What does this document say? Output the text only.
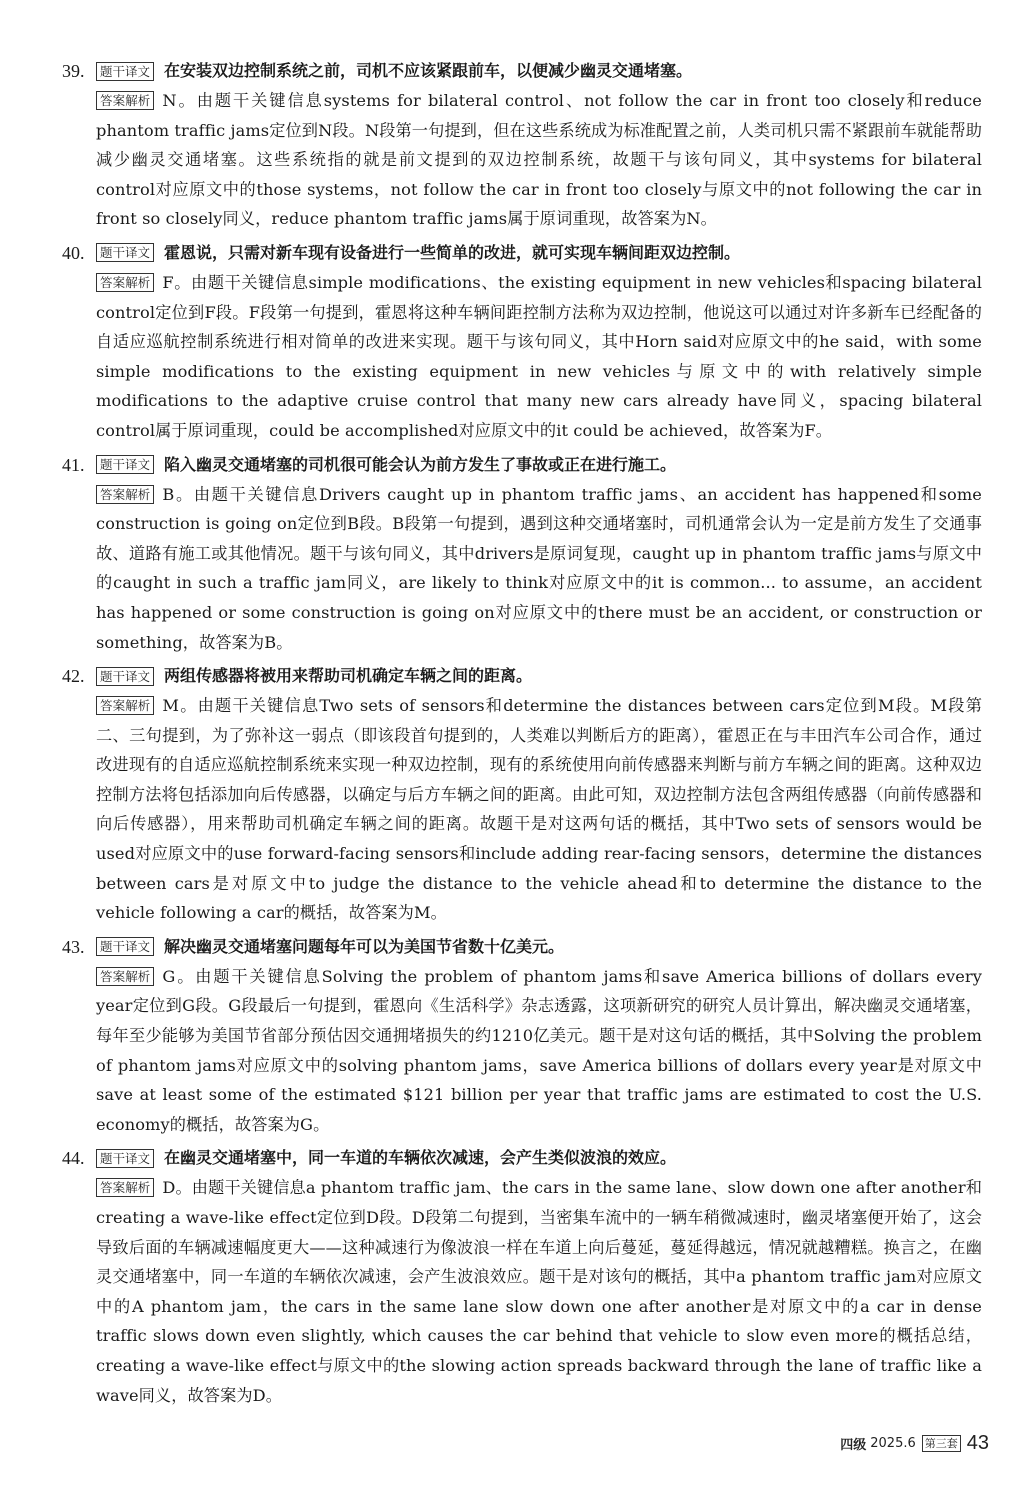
39.	题干译文 在安装双边控制系统之前，司机不应该紧跟前车，以便减少幽灵交通堵塞。
答案解析 N。由题干关键信息systems for bilateral control、not follow the car in front too closely和reduce phantom traffic jams定位到N段。N段第一句提到，但在这些系统成为标准配置之前，人类司机只需不紧跟前车就能帮助减少幽灵交通堵塞。这些系统指的就是前文提到的双边控制系统，故题干与该句同义，其中systems for bilateral control对应原文中的those systems，not follow the car in front too closely与原文中的not following the car in front so closely同义，reduce phantom traffic jams属于原词重现，故答案为N。
40.	题干译文 霍恩说，只需对新车现有设备进行一些简单的改进，就可实现车辆间距双边控制。
答案解析 F。由题干关键信息simple modifications、the existing equipment in new vehicles和spacing bilateral control定位到F段。F段第一句提到，霍恩将这种车辆间距控制方法称为双边控制，他说这可以通过对许多新车已经配备的自适应巡航控制系统进行相对简单的改进来实现。题干与该句同义，其中Horn said对应原文中的he said，with some simple modifications to the existing equipment in new vehicles与原文中的with relatively simple modifications to the adaptive cruise control that many new cars already have同义，spacing bilateral control属于原词重现，could be accomplished对应原文中的it could be achieved，故答案为F。
41.	题干译文 陷入幽灵交通堵塞的司机很可能会认为前方发生了事故或正在进行施工。
答案解析 B。由题干关键信息Drivers caught up in phantom traffic jams、an accident has happened和some construction is going on定位到B段。B段第一句提到，遇到这种交通堵塞时，司机通常会认为一定是前方发生了交通事故、道路有施工或其他情况。题干与该句同义，其中drivers是原词复现，caught up in phantom traffic jams与原文中的caught in such a traffic jam同义，are likely to think对应原文中的it is common... to assume，an accident has happened or some construction is going on对应原文中的there must be an accident, or construction or something，故答案为B。
42.	题干译文 两组传感器将被用来帮助司机确定车辆之间的距离。
答案解析 M。由题干关键信息Two sets of sensors和determine the distances between cars定位到M段。M段第二、三句提到，为了弥补这一弱点（即该段首句提到的，人类难以判断后方的距离），霍恩正在与丰田汽车公司合作，通过改进现有的自适应巡航控制系统来实现一种双边控制，现有的系统使用向前传感器来判断与前方车辆之间的距离。这种双边控制方法将包括添加向后传感器，以确定与后方车辆之间的距离。由此可知，双边控制方法包含两组传感器（向前传感器和向后传感器），用来帮助司机确定车辆之间的距离。故题干是对这两句话的概括，其中Two sets of sensors would be used对应原文中的use forward-facing sensors和include adding rear-facing sensors，determine the distances between cars是对原文中to judge the distance to the vehicle ahead和to determine the distance to the vehicle following a car的概括，故答案为M。
43.	题干译文 解决幽灵交通堵塞问题每年可以为美国节省数十亿美元。
答案解析 G。由题干关键信息Solving the problem of phantom jams和save America billions of dollars every year定位到G段。G段最后一句提到，霍恩向《生活科学》杂志透露，这项新研究的研究人员计算出，解决幽灵交通堵塞，每年至少能够为美国节省部分预估因交通拥堵损失的约1210亿美元。题干是对这句话的概括，其中Solving the problem of phantom jams对应原文中的solving phantom jams，save America billions of dollars every year是对原文中save at least some of the estimated $121 billion per year that traffic jams are estimated to cost the U.S. economy的概括，故答案为G。
44.	题干译文 在幽灵交通堵塞中，同一车道的车辆依次减速，会产生类似波浪的效应。
答案解析 D。由题干关键信息a phantom traffic jam、the cars in the same lane、slow down one after another和creating a wave-like effect定位到D段。D段第二句提到，当密集车流中的一辆车稍微减速时，幽灵堵塞便开始了，这会导致后面的车辆减速幅度更大——这种减速行为像波浪一样在车道上向后蔓延，蔓延得越远，情况就越糟糕。换言之，在幽灵交通堵塞中，同一车道的车辆依次减速，会产生波浪效应。题干是对该句的概括，其中a phantom traffic jam对应原文中的A phantom jam，the cars in the same lane slow down one after another是对原文中的a car in dense traffic slows down even slightly, which causes the car behind that vehicle to slow even more的概括总结，creating a wave-like effect与原文中的the slowing action spreads backward through the lane of traffic like a wave同义，故答案为D。
四级 2025.6 第三套 43
